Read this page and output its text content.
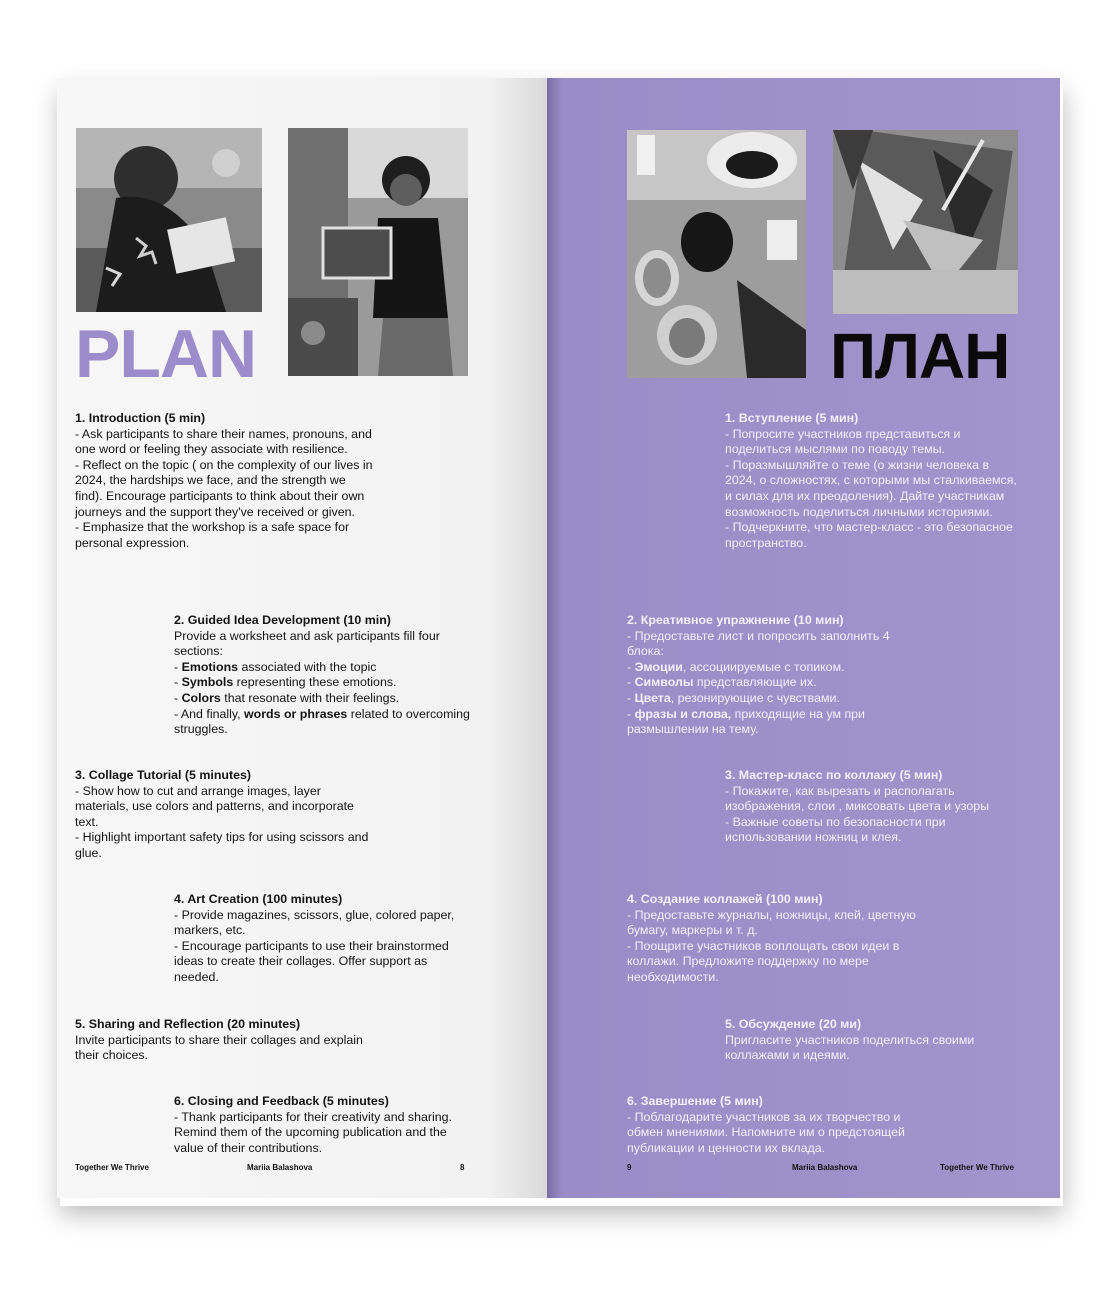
PLAN

1. Introduction (5 min)

- Ask participants to share their names, pronouns, and one word or feeling they associate with resilience.

- Reflect on the topic ( on the complexity of our lives in 2024, the hardships we face, and the strength we find). Encourage participants to think about their own journeys and the support they've received or given.

- Emphasize that the workshop is a safe space for personal expression.

2. Guided Idea Development (10 min)

Provide a worksheet and ask participants fill four sections:

- Emotions associated with the topic

- Symbols representing these emotions.

- Colors that resonate with their feelings.

- And finally, words or phrases related to overcoming struggles.

3. Collage Tutorial (5 minutes)

- Show how to cut and arrange images, layer materials, use colors and patterns, and incorporate text.

- Highlight important safety tips for using scissors and glue.

4. Art Creation (100 minutes)

- Provide magazines, scissors, glue, colored paper, markers, etc.

- Encourage participants to use their brainstormed ideas to create their collages. Offer support as needed.

5. Sharing and Reflection (20 minutes)

Invite participants to share their collages and explain their choices.

6. Closing and Feedback (5 minutes)

- Thank participants for their creativity and sharing. Remind them of the upcoming publication and the value of their contributions.

Together We Thrive	Mariia Balashova	8
ПЛАН

1. Вступление (5 мин)

- Попросите участников представиться и поделиться мыслями по поводу темы.

- Поразмышляйте о теме (о жизни человека в 2024, о сложностях, с которыми мы сталкиваемся, и силах для их преодоления). Дайте участникам возможность поделиться личными историями.

- Подчеркните, что мастер-класс - это безопасное пространство.

2. Креативное упражнение (10 мин)

- Предоставьте лист и попросить заполнить 4 блока:

- Эмоции, ассоциируемые с топиком.

- Символы представляющие их.

- Цвета, резонирующие с чувствами.

- фразы и слова, приходящие на ум при размышлении на тему.

3. Мастер-класс по коллажу (5 мин)

- Покажите, как вырезать и располагать изображения, слои , миксовать цвета и узоры

- Важные советы по безопасности при использовании ножниц и клея.

4. Создание коллажей (100 мин)

- Предоставьте журналы, ножницы, клей, цветную бумагу, маркеры и т. д.

- Поощрите участников воплощать свои идеи в коллажи. Предложите поддержку по мере необходимости.

5. Обсуждение (20 ми)

Пригласите участников поделиться своими коллажами и идеями.

6. Завершение (5 мин)

- Поблагодарите участников за их творчество и обмен мнениями. Напомните им о предстоящей публикации и ценности их вклада.

9	Mariia Balashova	Together We Thrive
